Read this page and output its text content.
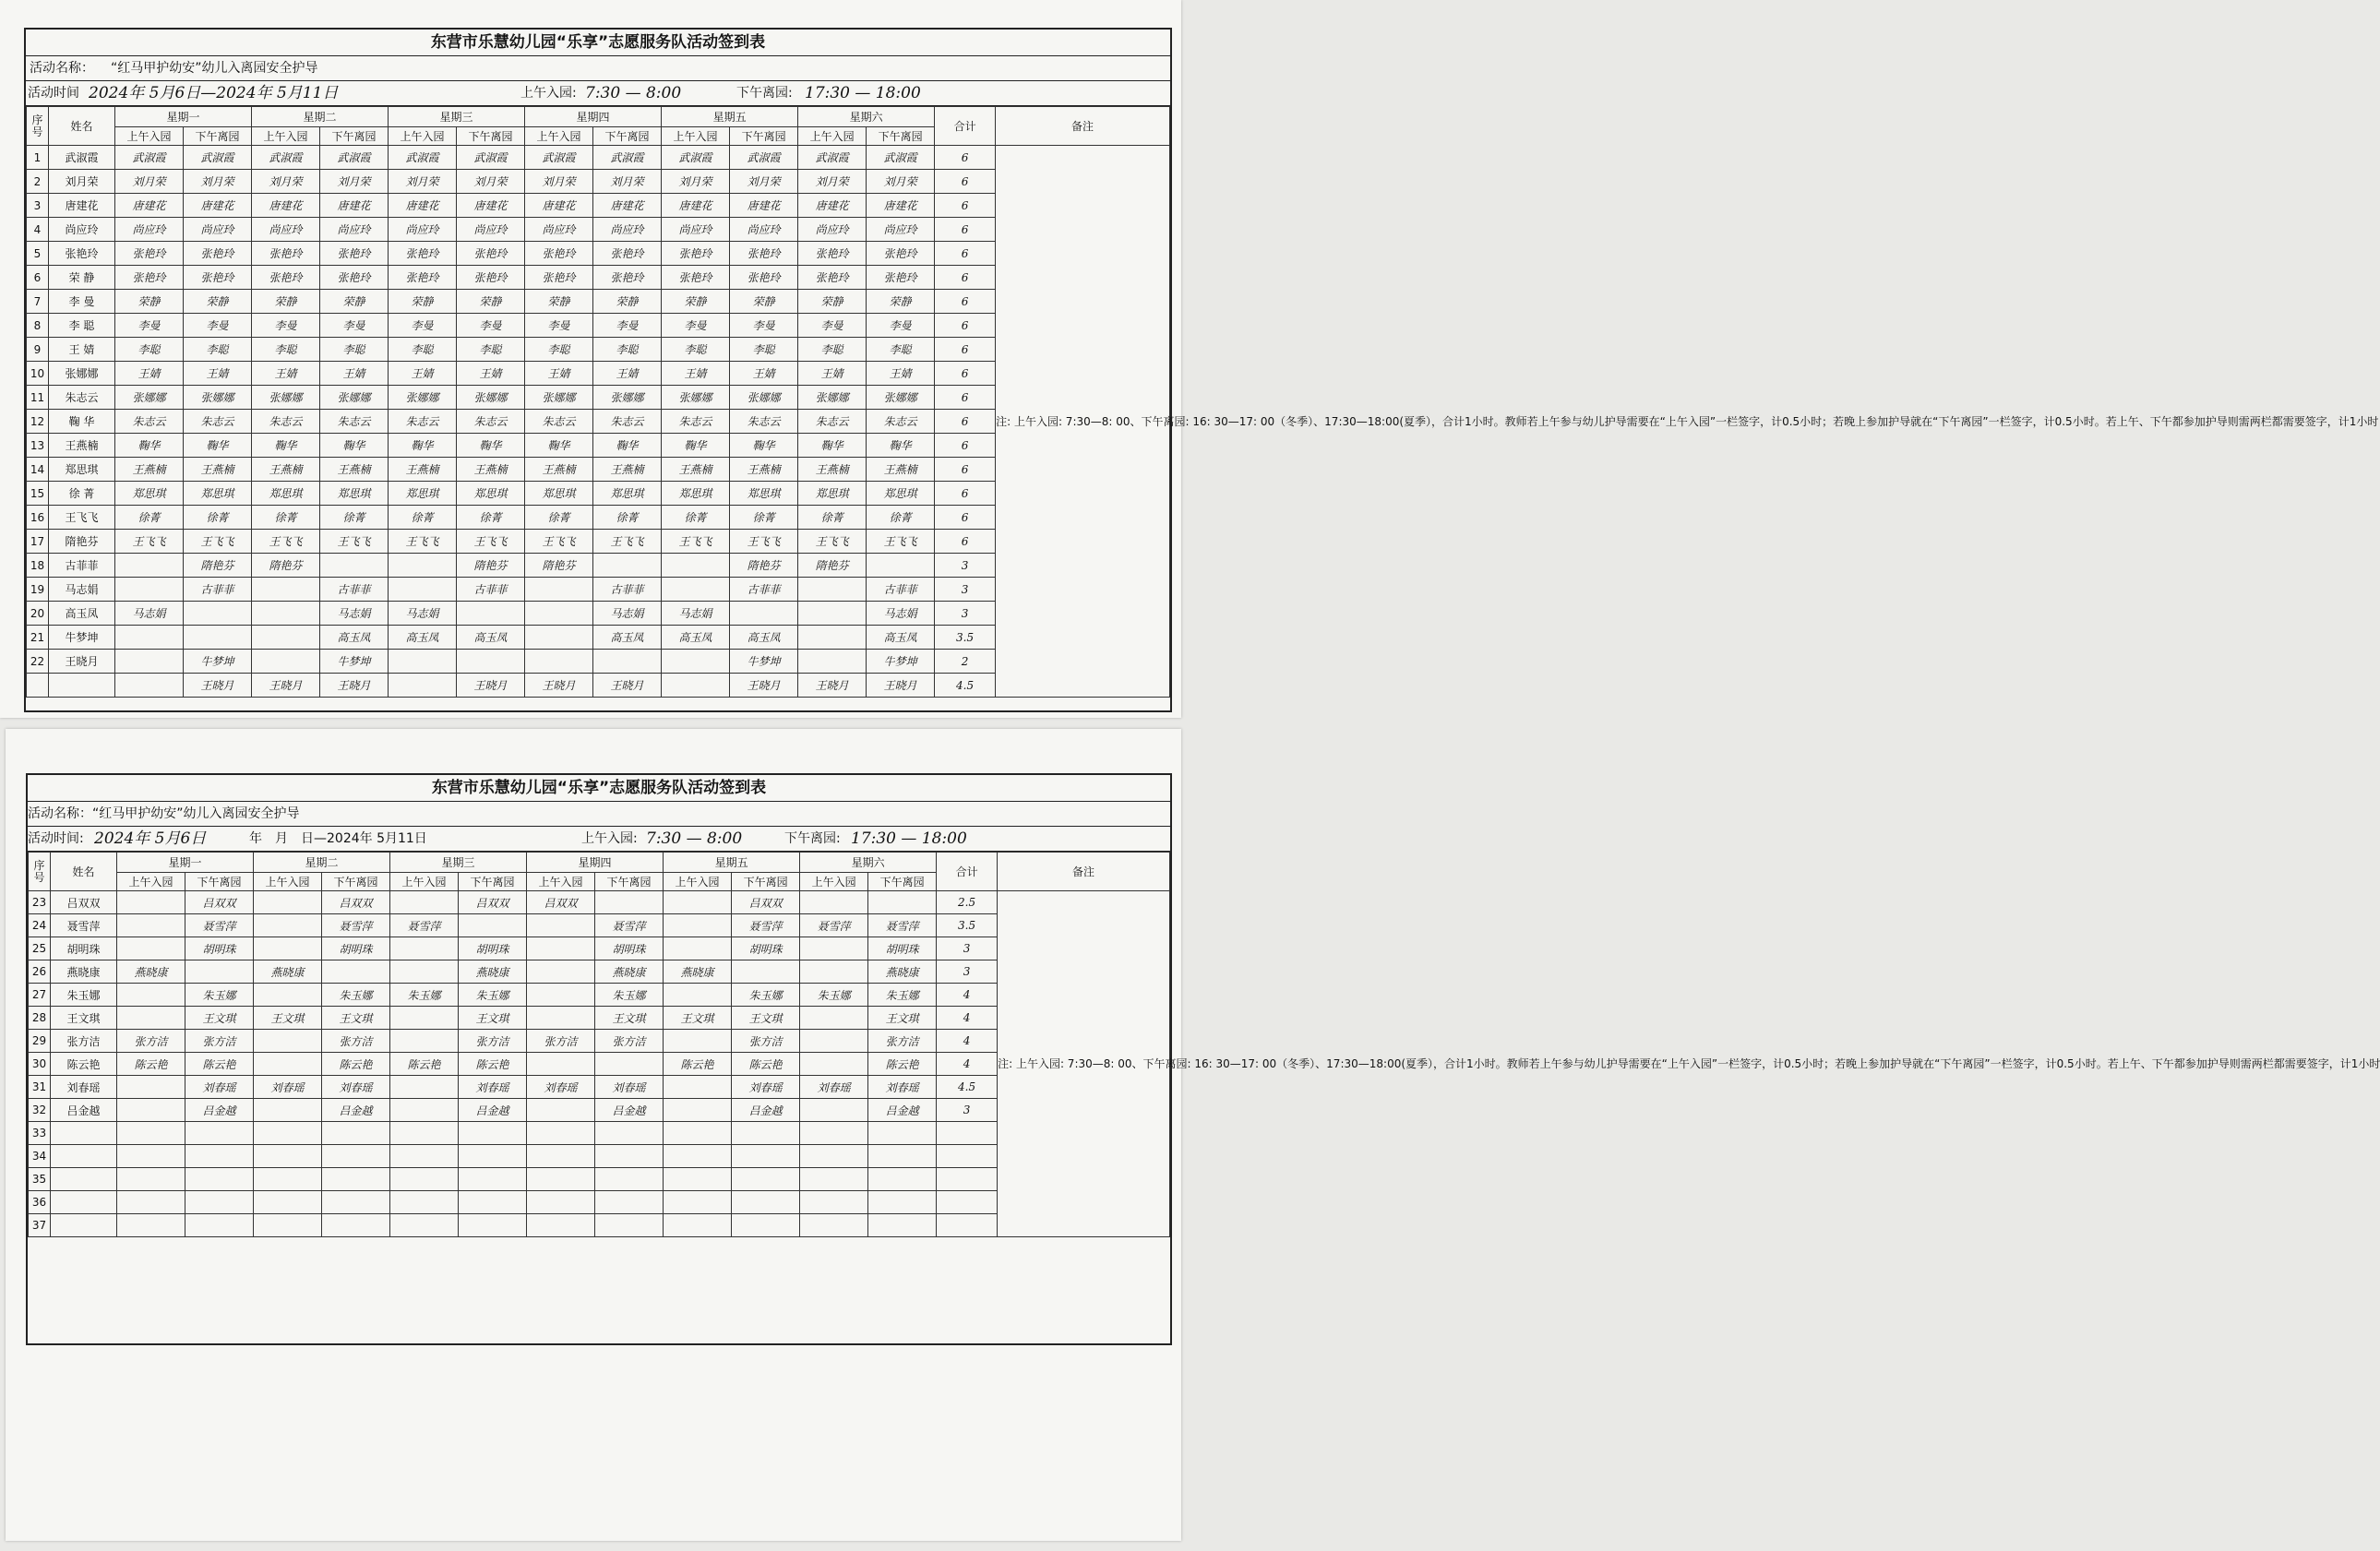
东营市乐慧幼儿园“乐享”志愿服务队活动签到表
活动名称： “红马甲护幼安”幼儿入离园安全护导
活动时间 2024年 5月6日—2024年 5月11日	上午入园: 7:30 — 8:00	下午离园: 17:30 — 18:00
序号	姓名	星期一		星期二		星期三		星期四		星期五		星期六		合计	备注
		上午入园	下午离园	上午入园	下午离园	上午入园	下午离园	上午入园	下午离园	上午入园	下午离园	上午入园	下午离园		
1	武淑霞	武淑霞	武淑霞	武淑霞	武淑霞	武淑霞	武淑霞	武淑霞	武淑霞	武淑霞	武淑霞	武淑霞	武淑霞	6	注: 上午入园: 7:30—8: 00、下午离园: 16: 30—17: 00（冬季）、17:30—18:00(夏季），合计1小时。教师若上午参与幼儿护导需要在“上午入园”一栏签字，计0.5小时；若晚上参加护导就在“下午离园”一栏签字，计0.5小时。若上午、下午都参加护导则需两栏都需要签字，计1小时
2	刘月荣	刘月荣	刘月荣	刘月荣	刘月荣	刘月荣	刘月荣	刘月荣	刘月荣	刘月荣	刘月荣	刘月荣	刘月荣	6	
3	唐建花	唐建花	唐建花	唐建花	唐建花	唐建花	唐建花	唐建花	唐建花	唐建花	唐建花	唐建花	唐建花	6	
4	尚应玲	尚应玲	尚应玲	尚应玲	尚应玲	尚应玲	尚应玲	尚应玲	尚应玲	尚应玲	尚应玲	尚应玲	尚应玲	6	
5	张艳玲	张艳玲	张艳玲	张艳玲	张艳玲	张艳玲	张艳玲	张艳玲	张艳玲	张艳玲	张艳玲	张艳玲	张艳玲	6	
6	荣 静	张艳玲	张艳玲	张艳玲	张艳玲	张艳玲	张艳玲	张艳玲	张艳玲	张艳玲	张艳玲	张艳玲	张艳玲	6	
7	李 曼	荣静	荣静	荣静	荣静	荣静	荣静	荣静	荣静	荣静	荣静	荣静	荣静	6	
8	李 聪	李曼	李曼	李曼	李曼	李曼	李曼	李曼	李曼	李曼	李曼	李曼	李曼	6	
9	王 婧	李聪	李聪	李聪	李聪	李聪	李聪	李聪	李聪	李聪	李聪	李聪	李聪	6	
10	张娜娜	王婧	王婧	王婧	王婧	王婧	王婧	王婧	王婧	王婧	王婧	王婧	王婧	6	
11	朱志云	张娜娜	张娜娜	张娜娜	张娜娜	张娜娜	张娜娜	张娜娜	张娜娜	张娜娜	张娜娜	张娜娜	张娜娜	6	
12	鞠 华	朱志云	朱志云	朱志云	朱志云	朱志云	朱志云	朱志云	朱志云	朱志云	朱志云	朱志云	朱志云	6	
13	王燕楠	鞠华	鞠华	鞠华	鞠华	鞠华	鞠华	鞠华	鞠华	鞠华	鞠华	鞠华	鞠华	6	
14	郑思琪	王燕楠	王燕楠	王燕楠	王燕楠	王燕楠	王燕楠	王燕楠	王燕楠	王燕楠	王燕楠	王燕楠	王燕楠	6	
15	徐 菁	郑思琪	郑思琪	郑思琪	郑思琪	郑思琪	郑思琪	郑思琪	郑思琪	郑思琪	郑思琪	郑思琪	郑思琪	6	
16	王飞飞	徐菁	徐菁	徐菁	徐菁	徐菁	徐菁	徐菁	徐菁	徐菁	徐菁	徐菁	徐菁	6	
17	隋艳芬	王飞飞	王飞飞	王飞飞	王飞飞	王飞飞	王飞飞	王飞飞	王飞飞	王飞飞	王飞飞	王飞飞	王飞飞	6	
18	古菲菲		隋艳芬	隋艳芬			隋艳芬	隋艳芬			隋艳芬	隋艳芬		3	
19	马志娟		古菲菲		古菲菲		古菲菲		古菲菲		古菲菲		古菲菲	3	
20	高玉凤	马志娟			马志娟	马志娟			马志娟	马志娟			马志娟	3	
21	牛梦坤				高玉凤	高玉凤	高玉凤		高玉凤	高玉凤	高玉凤		高玉凤	3.5	
22	王晓月		牛梦坤		牛梦坤						牛梦坤		牛梦坤	2	
			王晓月	王晓月	王晓月		王晓月	王晓月	王晓月		王晓月	王晓月	王晓月	4.5	
东营市乐慧幼儿园“乐享”志愿服务队活动签到表
活动名称： “红马甲护幼安”幼儿入离园安全护导
活动时间: 2024年 5月6日	年　月　日—2024年 5月11日	上午入园: 7:30 — 8:00	下午离园: 17:30 — 18:00
序号	姓名	星期一		星期二		星期三		星期四		星期五		星期六		合计	备注
		上午入园	下午离园	上午入园	下午离园	上午入园	下午离园	上午入园	下午离园	上午入园	下午离园	上午入园	下午离园		
23	吕双双		吕双双		吕双双		吕双双	吕双双			吕双双			2.5	注: 上午入园: 7:30—8: 00、下午离园: 16: 30—17: 00（冬季）、17:30—18:00(夏季），合计1小时。教师若上午参与幼儿护导需要在“上午入园”一栏签字，计0.5小时；若晚上参加护导就在“下午离园”一栏签字，计0.5小时。若上午、下午都参加护导则需两栏都需要签字，计1小时
24	聂雪萍		聂雪萍		聂雪萍	聂雪萍			聂雪萍		聂雪萍	聂雪萍	聂雪萍	3.5	
25	胡明珠		胡明珠		胡明珠		胡明珠		胡明珠		胡明珠		胡明珠	3	
26	燕晓康	燕晓康		燕晓康			燕晓康		燕晓康	燕晓康			燕晓康	3	
27	朱玉娜		朱玉娜		朱玉娜	朱玉娜	朱玉娜		朱玉娜		朱玉娜	朱玉娜	朱玉娜	4	
28	王文琪		王文琪	王文琪	王文琪		王文琪		王文琪	王文琪	王文琪		王文琪	4	
29	张方洁	张方洁	张方洁		张方洁		张方洁	张方洁	张方洁		张方洁		张方洁	4	
30	陈云艳	陈云艳	陈云艳		陈云艳	陈云艳	陈云艳			陈云艳	陈云艳		陈云艳	4	
31	刘春瑶		刘春瑶	刘春瑶	刘春瑶		刘春瑶	刘春瑶	刘春瑶		刘春瑶	刘春瑶	刘春瑶	4.5	
32	吕金越		吕金越		吕金越		吕金越		吕金越		吕金越		吕金越	3	
33															
34															
35															
36															
37															
